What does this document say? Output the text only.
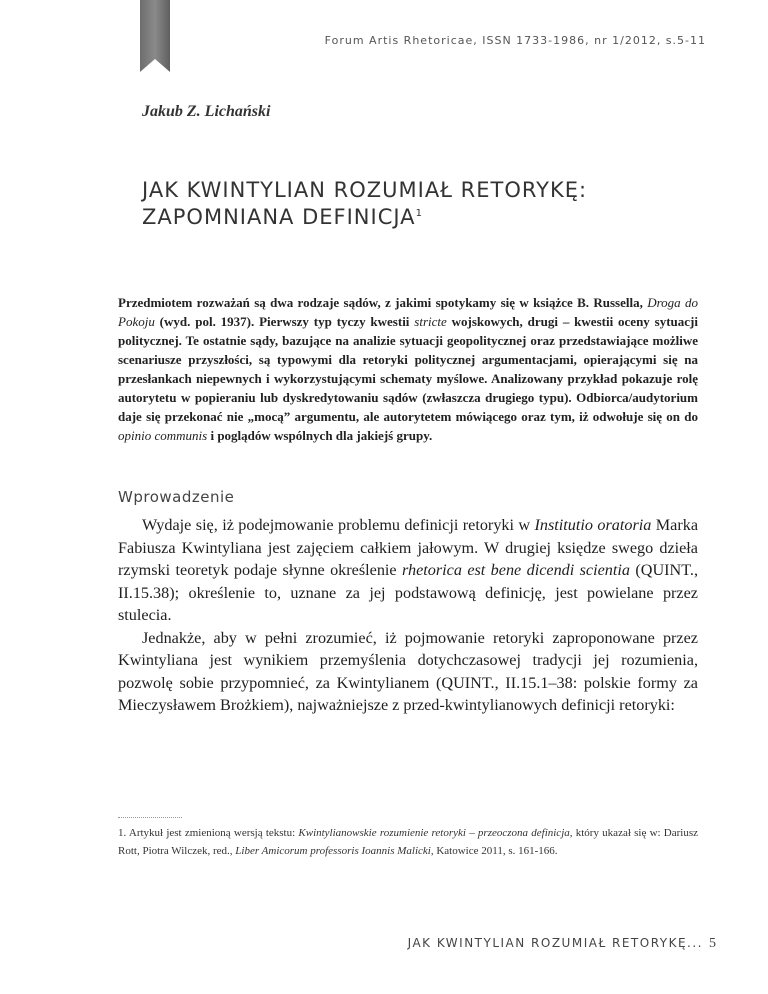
Forum Artis Rhetoricae, ISSN 1733-1986, nr 1/2012, s.5-11
Jakub Z. Lichański
JAK KWINTYLIAN ROZUMIAŁ RETORYKĘ:
ZAPOMNIANA DEFINICJA$^1$
Przedmiotem rozważań są dwa rodzaje sądów, z jakimi spotykamy się w książce B. Russella, Droga do Pokoju (wyd. pol. 1937). Pierwszy typ tyczy kwestii stricte wojskowych, drugi – kwestii oceny sytuacji politycznej. Te ostatnie sądy, bazujące na analizie sytuacji geopolitycznej oraz przedstawiające możliwe scenariusze przyszłości, są typowymi dla retoryki politycznej argumentacjami, opierającymi się na przesłankach niepewnych i wykorzystującymi schematy myślowe. Analizowany przykład pokazuje rolę autorytetu w popieraniu lub dyskredytowaniu sądów (zwłaszcza drugiego typu). Odbiorca/audytorium daje się przekonać nie „mocą” argumentu, ale autorytetem mówiącego oraz tym, iż odwołuje się on do opinio communis i poglądów wspólnych dla jakiejś grupy.
Wprowadzenie

Wydaje się, iż podejmowanie problemu definicji retoryki w Institutio oratoria Marka Fabiusza Kwintyliana jest zajęciem całkiem jałowym. W drugiej księdze swego dzieła rzymski teoretyk podaje słynne określenie rhetorica est bene dicendi scientia (QUINT., II.15.38); określenie to, uznane za jej podstawową definicję, jest powielane przez stulecia.

Jednakże, aby w pełni zrozumieć, iż pojmowanie retoryki zaproponowane przez Kwintyliana jest wynikiem przemyślenia dotychczasowej tradycji jej rozumienia, pozwolę sobie przypomnieć, za Kwintylianem (QUINT., II.15.1–38: polskie formy za Mieczysławem Brożkiem), najważniejsze z przed-kwintylianowych definicji retoryki:

1. Artykuł jest zmienioną wersją tekstu: Kwintylianowskie rozumienie retoryki – przeoczona definicja, który ukazał się w: Dariusz Rott, Piotra Wilczek, red., Liber Amicorum professoris Ioannis Malicki, Katowice 2011, s. 161-166.
JAK KWINTYLIAN ROZUMIAŁ RETORYKĘ... 5
